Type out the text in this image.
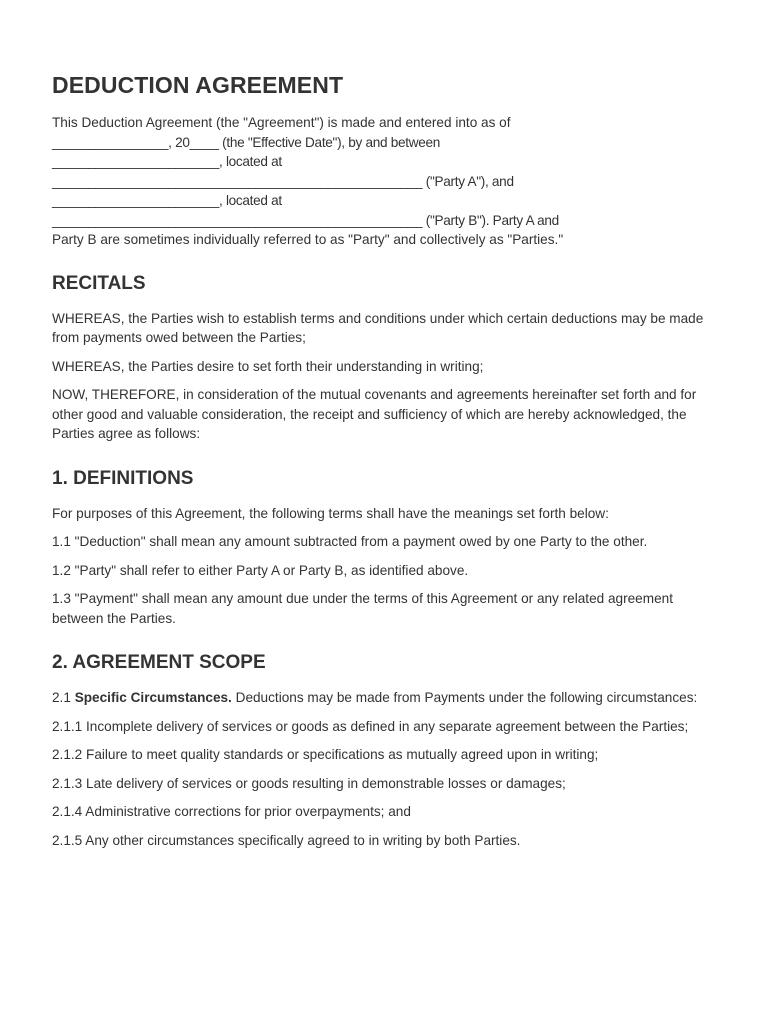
DEDUCTION AGREEMENT
This Deduction Agreement (the "Agreement") is made and entered into as of
________________, 20____ (the "Effective Date"), by and between
_______________________, located at
___________________________________________________ ("Party A"), and
_______________________, located at
___________________________________________________ ("Party B"). Party A and
Party B are sometimes individually referred to as "Party" and collectively as "Parties."
RECITALS

WHEREAS, the Parties wish to establish terms and conditions under which certain deductions may be made from payments owed between the Parties;

WHEREAS, the Parties desire to set forth their understanding in writing;

NOW, THEREFORE, in consideration of the mutual covenants and agreements hereinafter set forth and for other good and valuable consideration, the receipt and sufficiency of which are hereby acknowledged, the Parties agree as follows:

1. DEFINITIONS

For purposes of this Agreement, the following terms shall have the meanings set forth below:

1.1 "Deduction" shall mean any amount subtracted from a payment owed by one Party to the other.

1.2 "Party" shall refer to either Party A or Party B, as identified above.

1.3 "Payment" shall mean any amount due under the terms of this Agreement or any related agreement between the Parties.

2. AGREEMENT SCOPE

2.1 Specific Circumstances. Deductions may be made from Payments under the following circumstances:

2.1.1 Incomplete delivery of services or goods as defined in any separate agreement between the Parties;

2.1.2 Failure to meet quality standards or specifications as mutually agreed upon in writing;

2.1.3 Late delivery of services or goods resulting in demonstrable losses or damages;

2.1.4 Administrative corrections for prior overpayments; and

2.1.5 Any other circumstances specifically agreed to in writing by both Parties.
